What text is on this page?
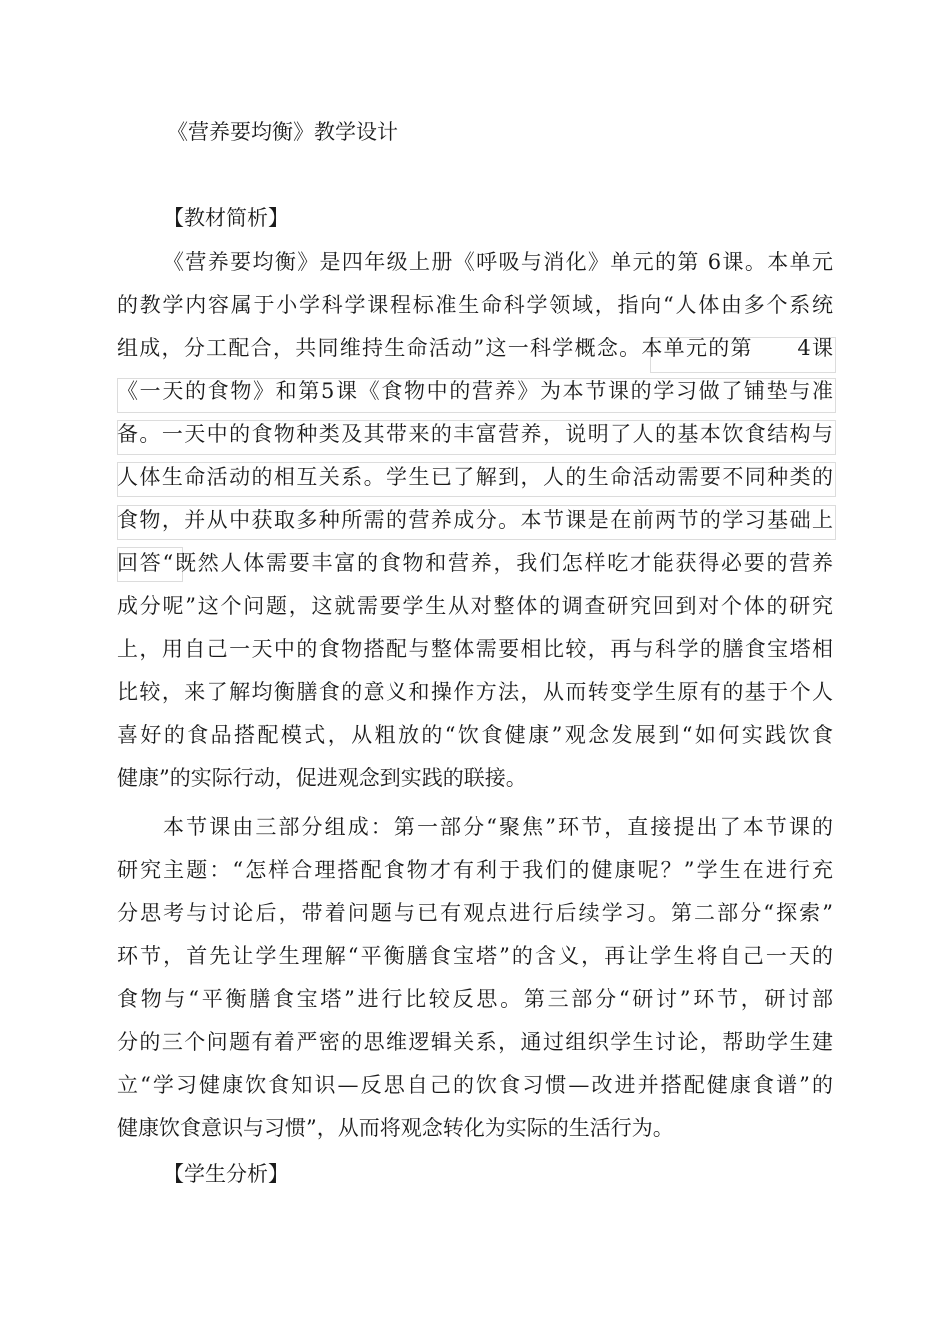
《营养要均衡》教学设计
【教材简析】
《营养要均衡》是四年级上册《呼吸与消化》单元的第 6课。本单元
的教学内容属于小学科学课程标准生命科学领域，指向“人体由多个系统
组成，分工配合，共同维持生命活动”这一科学概念。本单元的第　　4课
《一天的食物》和第5课《食物中的营养》为本节课的学习做了铺垫与准
备。一天中的食物种类及其带来的丰富营养，说明了人的基本饮食结构与
人体生命活动的相互关系。学生已了解到，人的生命活动需要不同种类的
食物，并从中获取多种所需的营养成分。本节课是在前两节的学习基础上
回答“既然人体需要丰富的食物和营养，我们怎样吃才能获得必要的营养
成分呢”这个问题，这就需要学生从对整体的调查研究回到对个体的研究
上，用自己一天中的食物搭配与整体需要相比较，再与科学的膳食宝塔相
比较，来了解均衡膳食的意义和操作方法，从而转变学生原有的基于个人
喜好的食品搭配模式，从粗放的“饮食健康”观念发展到“如何实践饮食
健康”的实际行动，促进观念到实践的联接。
本节课由三部分组成：第一部分“聚焦”环节，直接提出了本节课的
研究主题：“怎样合理搭配食物才有利于我们的健康呢？”学生在进行充
分思考与讨论后，带着问题与已有观点进行后续学习。第二部分“探索”
环节，首先让学生理解“平衡膳食宝塔”的含义，再让学生将自己一天的
食物与“平衡膳食宝塔”进行比较反思。第三部分“研讨”环节，研讨部
分的三个问题有着严密的思维逻辑关系，通过组织学生讨论，帮助学生建
立“学习健康饮食知识—反思自己的饮食习惯—改进并搭配健康食谱”的
健康饮食意识与习惯”，从而将观念转化为实际的生活行为。
【学生分析】
